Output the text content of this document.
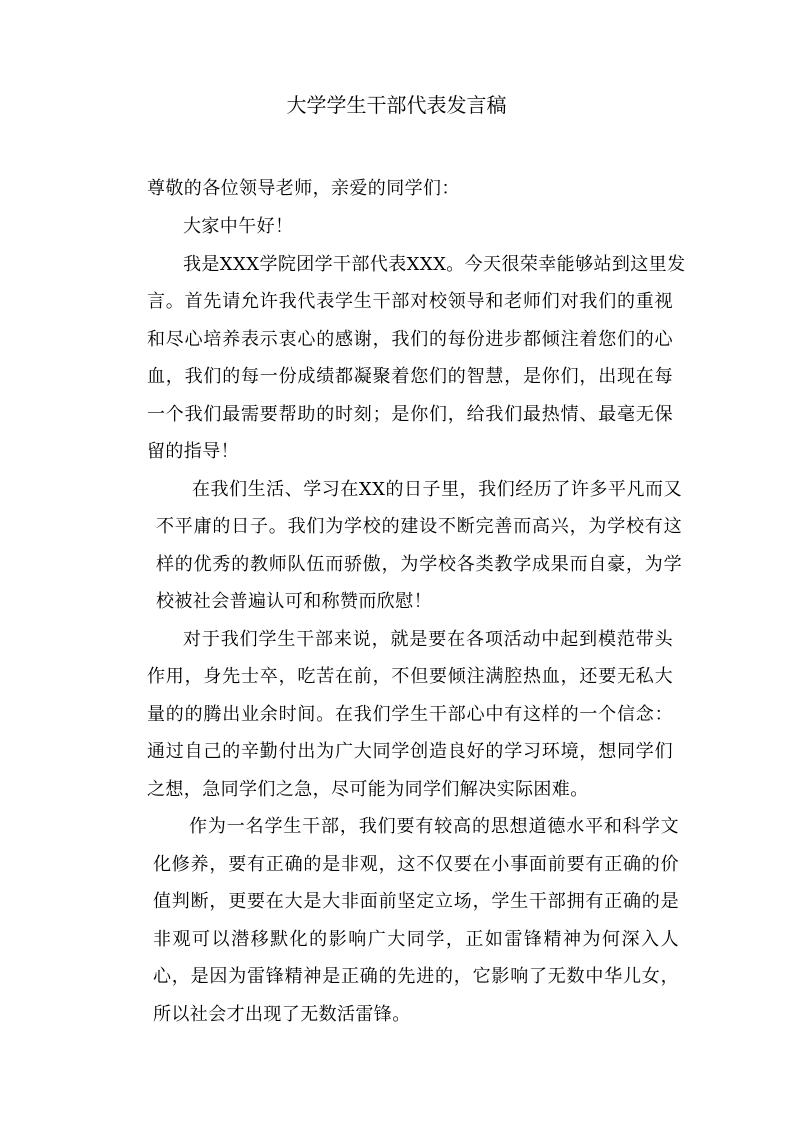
大学学生干部代表发言稿
尊敬的各位领导老师，亲爱的同学们：
大家中午好！
我是XXX学院团学干部代表XXX。今天很荣幸能够站到这里发
言。首先请允许我代表学生干部对校领导和老师们对我们的重视
和尽心培养表示衷心的感谢，我们的每份进步都倾注着您们的心
血，我们的每一份成绩都凝聚着您们的智慧，是你们，出现在每
一个我们最需要帮助的时刻；是你们，给我们最热情、最毫无保
留的指导！
在我们生活、学习在XX的日子里，我们经历了许多平凡而又
不平庸的日子。我们为学校的建设不断完善而高兴，为学校有这
样的优秀的教师队伍而骄傲，为学校各类教学成果而自豪，为学
校被社会普遍认可和称赞而欣慰！
对于我们学生干部来说，就是要在各项活动中起到模范带头
作用，身先士卒，吃苦在前，不但要倾注满腔热血，还要无私大
量的的腾出业余时间。在我们学生干部心中有这样的一个信念：
通过自己的辛勤付出为广大同学创造良好的学习环境，想同学们
之想，急同学们之急，尽可能为同学们解决实际困难。
作为一名学生干部，我们要有较高的思想道德水平和科学文
化修养，要有正确的是非观，这不仅要在小事面前要有正确的价
值判断，更要在大是大非面前坚定立场，学生干部拥有正确的是
非观可以潜移默化的影响广大同学，正如雷锋精神为何深入人
心，是因为雷锋精神是正确的先进的，它影响了无数中华儿女，
所以社会才出现了无数活雷锋。
